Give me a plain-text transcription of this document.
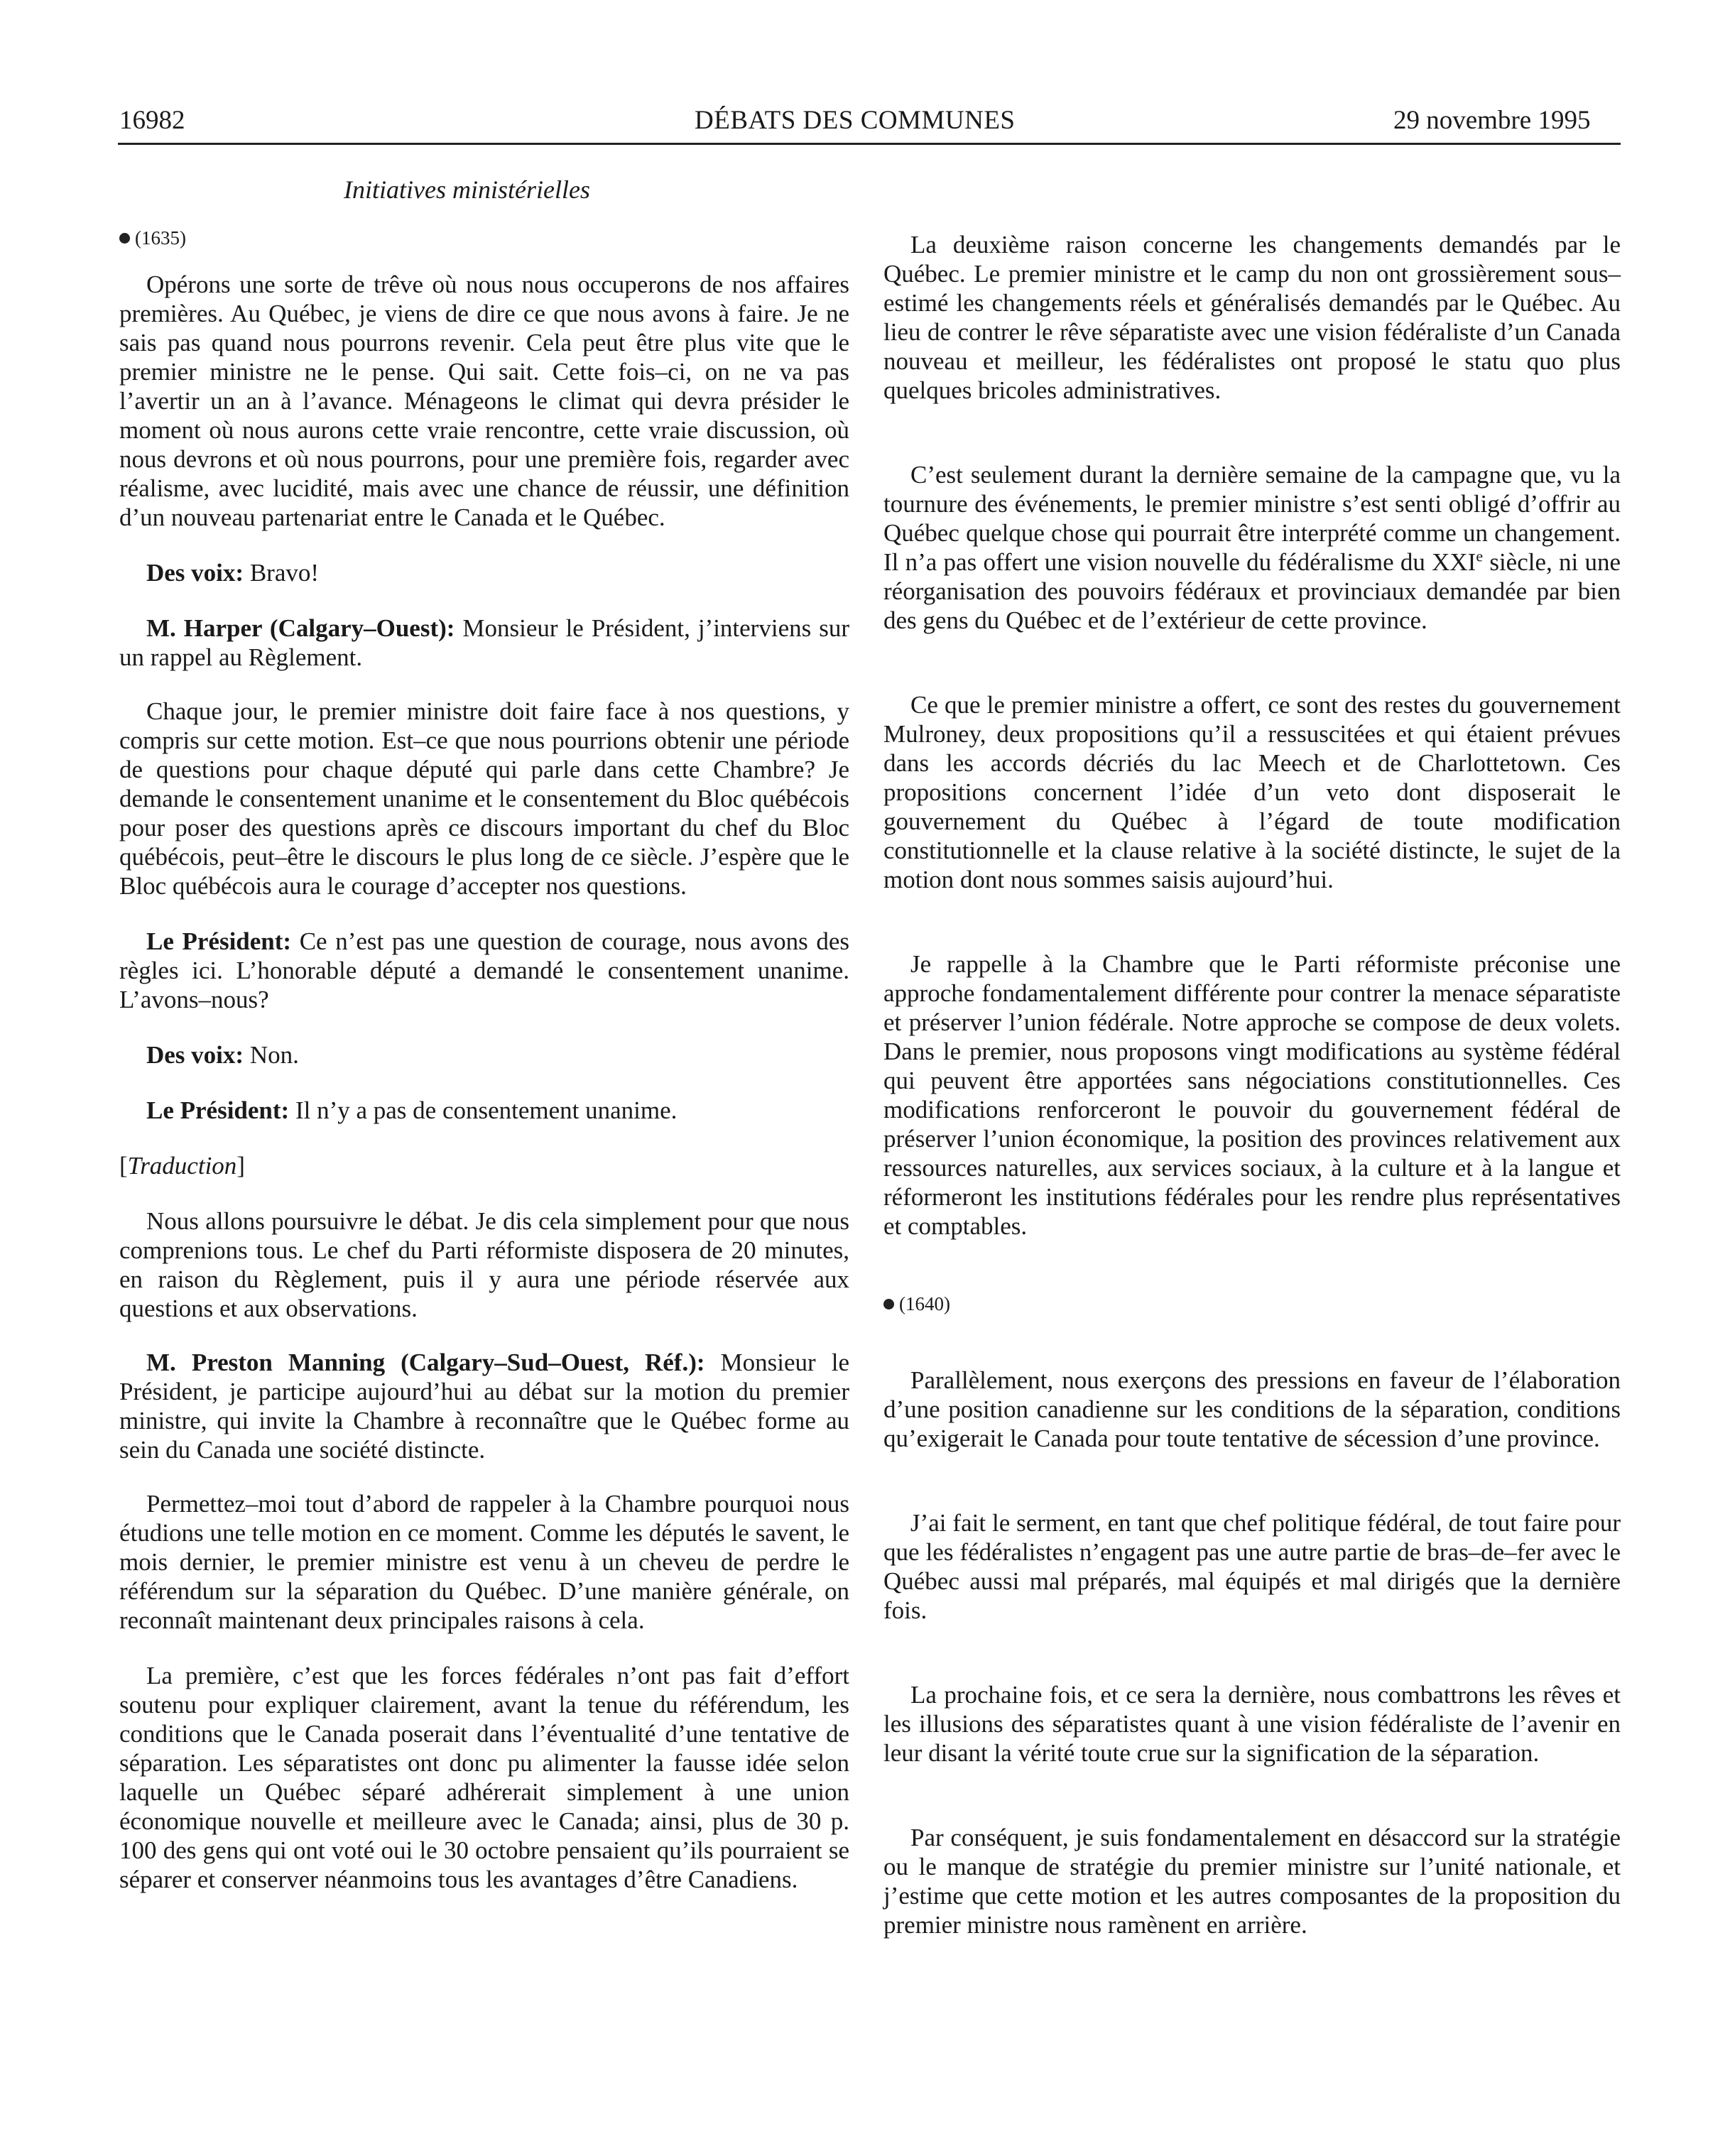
16982	DÉBATS DES COMMUNES	29 novembre 1995
Initiatives ministérielles

(1635)

Opérons une sorte de trêve où nous nous occuperons de nos affaires premières. Au Québec, je viens de dire ce que nous avons à faire. Je ne sais pas quand nous pourrons revenir. Cela peut être plus vite que le premier ministre ne le pense. Qui sait. Cette fois–ci, on ne va pas l’avertir un an à l’avance. Ménageons le climat qui devra présider le moment où nous aurons cette vraie rencontre, cette vraie discussion, où nous devrons et où nous pourrons, pour une première fois, regarder avec réalisme, avec lucidité, mais avec une chance de réussir, une définition d’un nouveau partenariat entre le Canada et le Québec.

Des voix: Bravo!

M. Harper (Calgary–Ouest): Monsieur le Président, j’interviens sur un rappel au Règlement.

Chaque jour, le premier ministre doit faire face à nos questions, y compris sur cette motion. Est–ce que nous pourrions obtenir une période de questions pour chaque député qui parle dans cette Chambre? Je demande le consentement unanime et le consentement du Bloc québécois pour poser des questions après ce discours important du chef du Bloc québécois, peut–être le discours le plus long de ce siècle. J’espère que le Bloc québécois aura le courage d’accepter nos questions.

Le Président: Ce n’est pas une question de courage, nous avons des règles ici. L’honorable député a demandé le consentement unanime. L’avons–nous?

Des voix: Non.

Le Président: Il n’y a pas de consentement unanime.

[Traduction]

Nous allons poursuivre le débat. Je dis cela simplement pour que nous comprenions tous. Le chef du Parti réformiste disposera de 20 minutes, en raison du Règlement, puis il y aura une période réservée aux questions et aux observations.

M. Preston Manning (Calgary–Sud–Ouest, Réf.): Monsieur le Président, je participe aujourd’hui au débat sur la motion du premier ministre, qui invite la Chambre à reconnaître que le Québec forme au sein du Canada une société distincte.

Permettez–moi tout d’abord de rappeler à la Chambre pourquoi nous étudions une telle motion en ce moment. Comme les députés le savent, le mois dernier, le premier ministre est venu à un cheveu de perdre le référendum sur la séparation du Québec. D’une manière générale, on reconnaît maintenant deux principales raisons à cela.

La première, c’est que les forces fédérales n’ont pas fait d’effort soutenu pour expliquer clairement, avant la tenue du référendum, les conditions que le Canada poserait dans l’éventualité d’une tentative de séparation. Les séparatistes ont donc pu alimenter la fausse idée selon laquelle un Québec séparé adhérerait simplement à une union économique nouvelle et meilleure avec le Canada; ainsi, plus de 30 p. 100 des gens qui ont voté oui le 30 octobre pensaient qu’ils pourraient se séparer et conserver néanmoins tous les avantages d’être Canadiens.

La deuxième raison concerne les changements demandés par le Québec. Le premier ministre et le camp du non ont grossièrement sous–estimé les changements réels et généralisés demandés par le Québec. Au lieu de contrer le rêve séparatiste avec une vision fédéraliste d’un Canada nouveau et meilleur, les fédéralistes ont proposé le statu quo plus quelques bricoles administratives.

C’est seulement durant la dernière semaine de la campagne que, vu la tournure des événements, le premier ministre s’est senti obligé d’offrir au Québec quelque chose qui pourrait être interprété comme un changement. Il n’a pas offert une vision nouvelle du fédéralisme du XXIe siècle, ni une réorganisation des pouvoirs fédéraux et provinciaux demandée par bien des gens du Québec et de l’extérieur de cette province.

Ce que le premier ministre a offert, ce sont des restes du gouvernement Mulroney, deux propositions qu’il a ressuscitées et qui étaient prévues dans les accords décriés du lac Meech et de Charlottetown. Ces propositions concernent l’idée d’un veto dont disposerait le gouvernement du Québec à l’égard de toute modification constitutionnelle et la clause relative à la société distincte, le sujet de la motion dont nous sommes saisis aujourd’hui.

Je rappelle à la Chambre que le Parti réformiste préconise une approche fondamentalement différente pour contrer la menace séparatiste et préserver l’union fédérale. Notre approche se compose de deux volets. Dans le premier, nous proposons vingt modifications au système fédéral qui peuvent être apportées sans négociations constitutionnelles. Ces modifications renforceront le pouvoir du gouvernement fédéral de préserver l’union économique, la position des provinces relativement aux ressources naturelles, aux services sociaux, à la culture et à la langue et réformeront les institutions fédérales pour les rendre plus représentatives et comptables.

(1640)

Parallèlement, nous exerçons des pressions en faveur de l’élaboration d’une position canadienne sur les conditions de la séparation, conditions qu’exigerait le Canada pour toute tentative de sécession d’une province.

J’ai fait le serment, en tant que chef politique fédéral, de tout faire pour que les fédéralistes n’engagent pas une autre partie de bras–de–fer avec le Québec aussi mal préparés, mal équipés et mal dirigés que la dernière fois.

La prochaine fois, et ce sera la dernière, nous combattrons les rêves et les illusions des séparatistes quant à une vision fédéraliste de l’avenir en leur disant la vérité toute crue sur la signification de la séparation.

Par conséquent, je suis fondamentalement en désaccord sur la stratégie ou le manque de stratégie du premier ministre sur l’unité nationale, et j’estime que cette motion et les autres composantes de la proposition du premier ministre nous ramènent en arrière.
